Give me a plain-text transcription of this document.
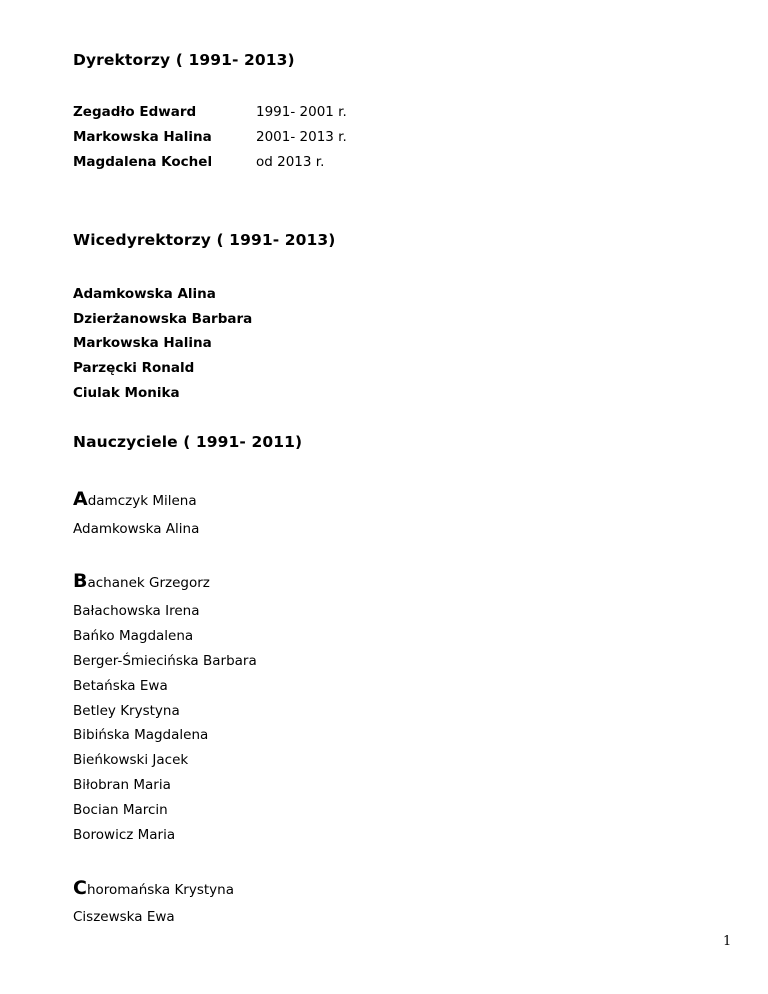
Dyrektorzy ( 1991- 2013)
Zegadło Edward	1991- 2001 r.
Markowska Halina	2001- 2013 r.
Magdalena Kochel	od 2013 r.
Wicedyrektorzy ( 1991- 2013)
Adamkowska Alina
Dzierżanowska Barbara
Markowska Halina
Parzęcki Ronald
Ciulak Monika
Nauczyciele ( 1991- 2011)
Adamczyk Milena
Adamkowska Alina
Bachanek Grzegorz
Bałachowska Irena
Bańko Magdalena
Berger-Śmiecińska Barbara
Betańska Ewa
Betley Krystyna
Bibińska Magdalena
Bieńkowski Jacek
Biłobran Maria
Bocian Marcin
Borowicz Maria
Choromańska Krystyna
Ciszewska Ewa
1
